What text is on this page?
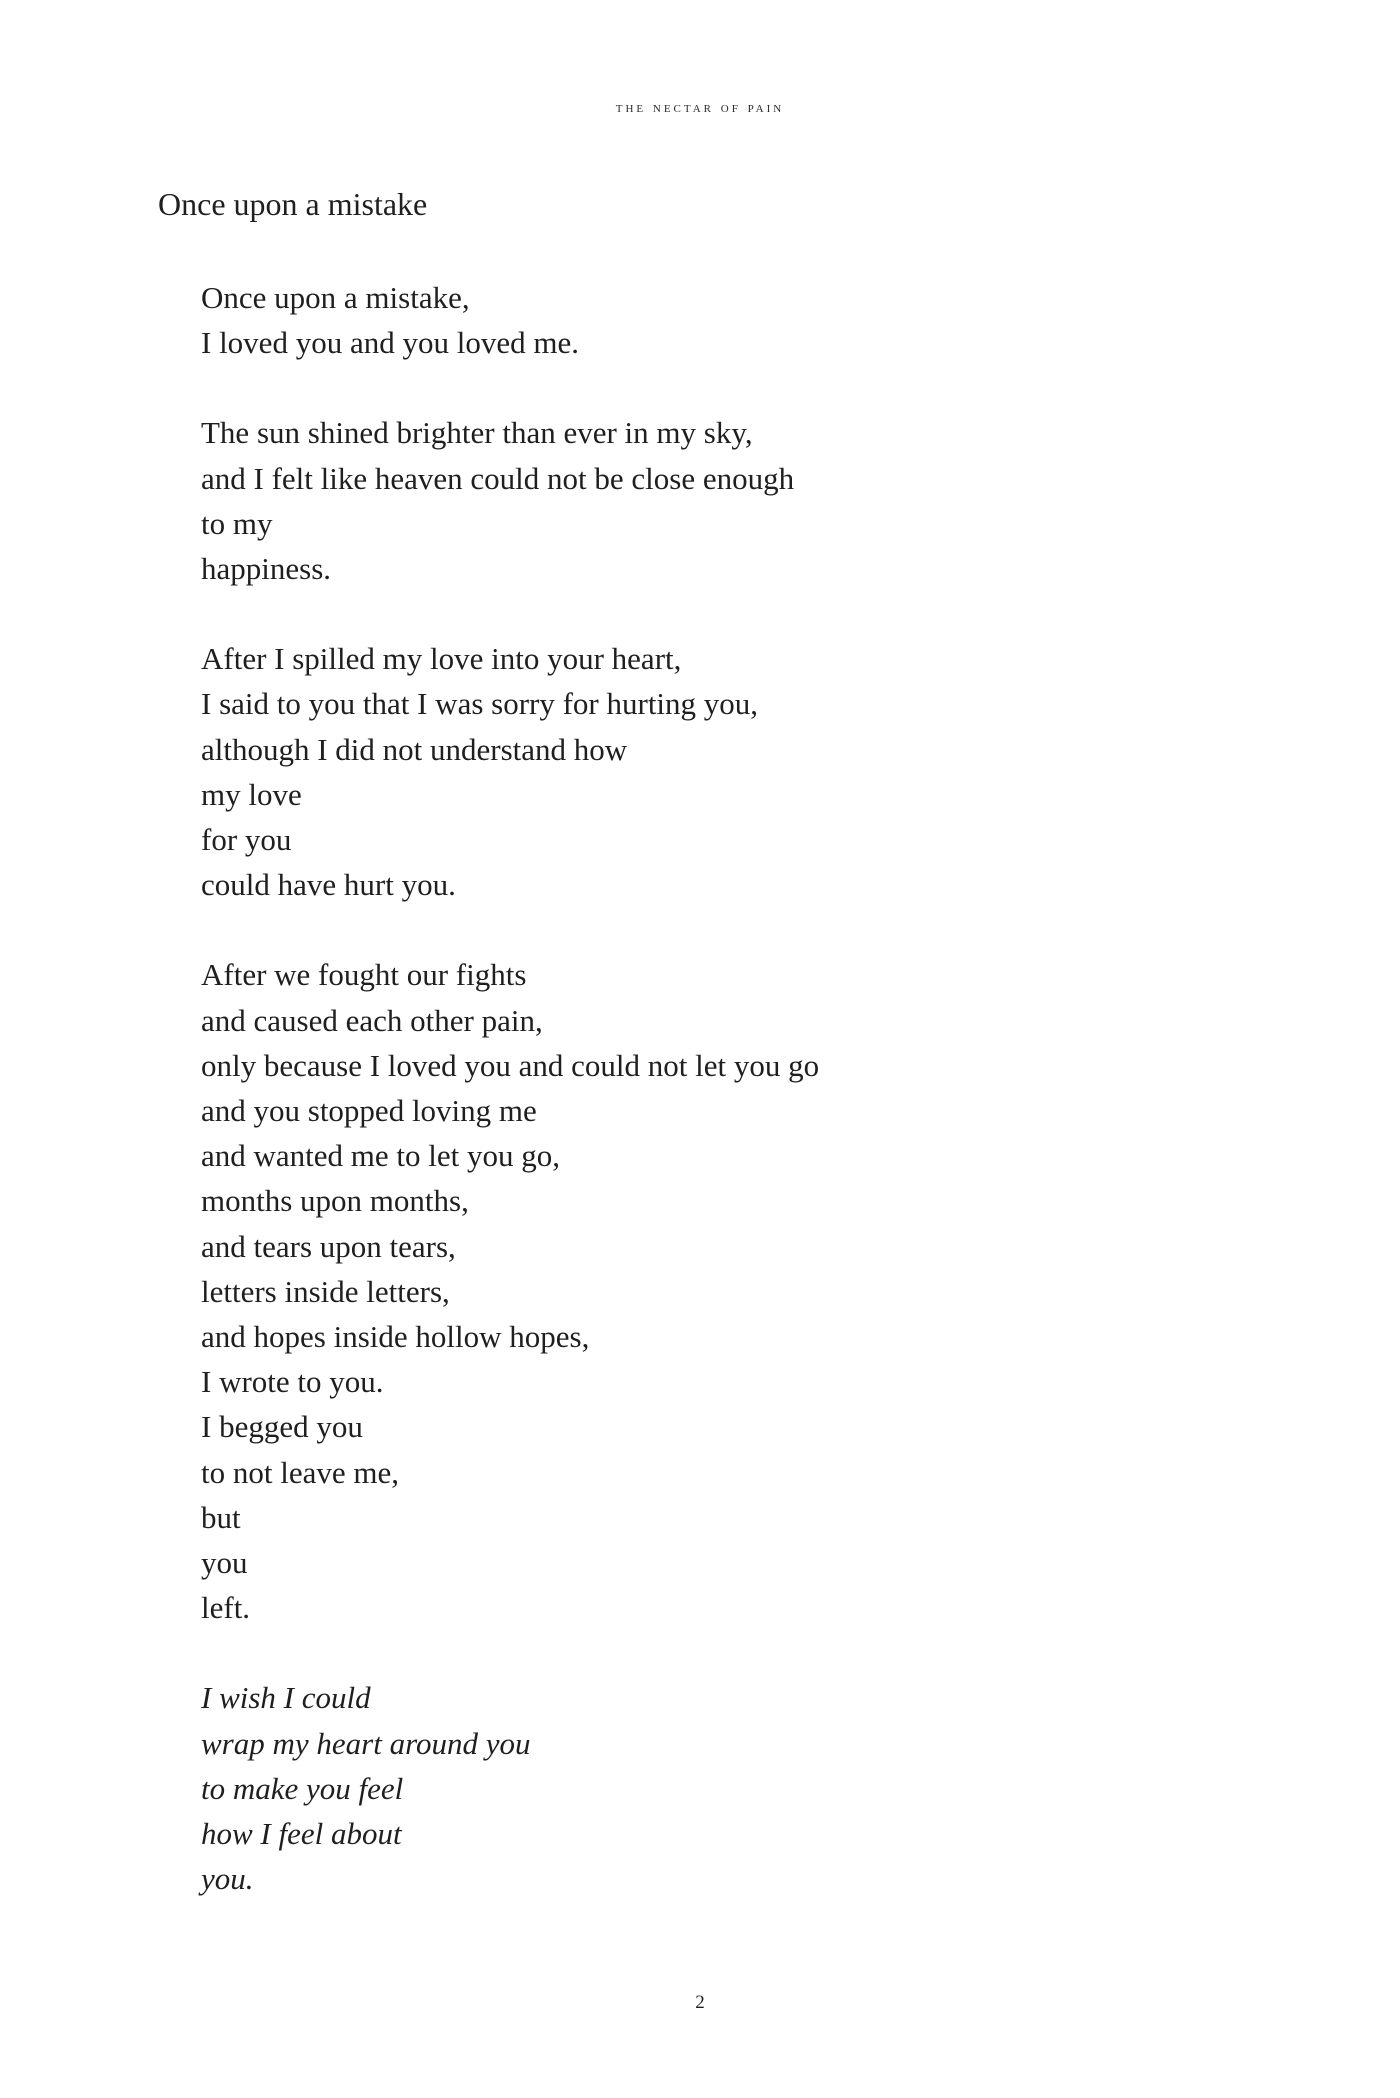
the nectar of pain
Once upon a mistake
Once upon a mistake,
I loved you and you loved me.
The sun shined brighter than ever in my sky,
and I felt like heaven could not be close enough
to my
happiness.
After I spilled my love into your heart,
I said to you that I was sorry for hurting you,
although I did not understand how
my love
for you
could have hurt you.
After we fought our fights
and caused each other pain,
only because I loved you and could not let you go
and you stopped loving me
and wanted me to let you go,
months upon months,
and tears upon tears,
letters inside letters,
and hopes inside hollow hopes,
I wrote to you.
I begged you
to not leave me,
but
you
left.
I wish I could
wrap my heart around you
to make you feel
how I feel about
you.
2
